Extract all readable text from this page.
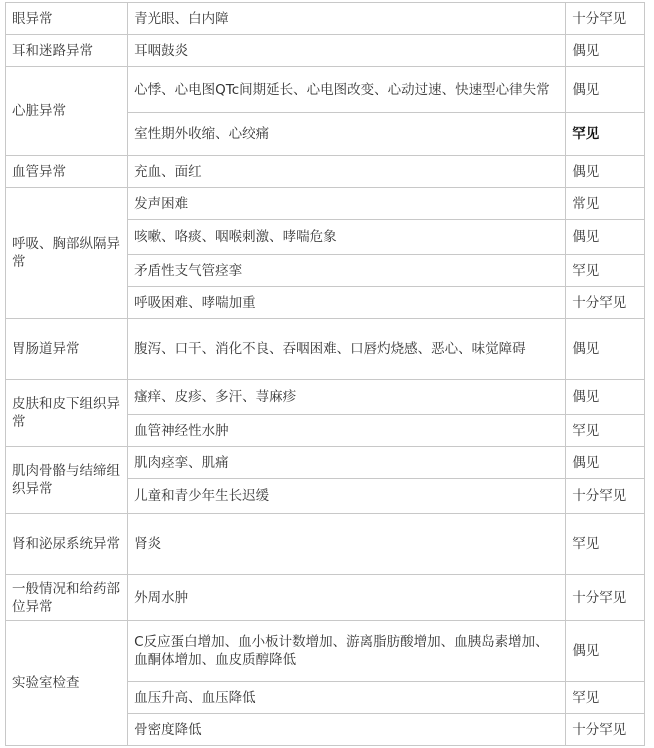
眼异常	青光眼、白内障	十分罕见
耳和迷路异常	耳咽鼓炎	偶见
心脏异常	心悸、心电图QTc间期延长、心电图改变、心动过速、快速型心律失常	偶见
	室性期外收缩、心绞痛	罕见
血管异常	充血、面红	偶见
呼吸、胸部纵隔异常	发声困难	常见
	咳嗽、咯痰、咽喉刺激、哮喘危象	偶见
	矛盾性支气管痉挛	罕见
	呼吸困难、哮喘加重	十分罕见
胃肠道异常	腹泻、口干、消化不良、吞咽困难、口唇灼烧感、恶心、味觉障碍	偶见
皮肤和皮下组织异常	瘙痒、皮疹、多汗、荨麻疹	偶见
	血管神经性水肿	罕见
肌肉骨骼与结缔组织异常	肌肉痉挛、肌痛	偶见
	儿童和青少年生长迟缓	十分罕见
肾和泌尿系统异常	肾炎	罕见
一般情况和给药部位异常	外周水肿	十分罕见
实验室检查	C反应蛋白增加、血小板计数增加、游离脂肪酸增加、血胰岛素增加、血酮体增加、血皮质醇降低	偶见
	血压升高、血压降低	罕见
	骨密度降低	十分罕见
